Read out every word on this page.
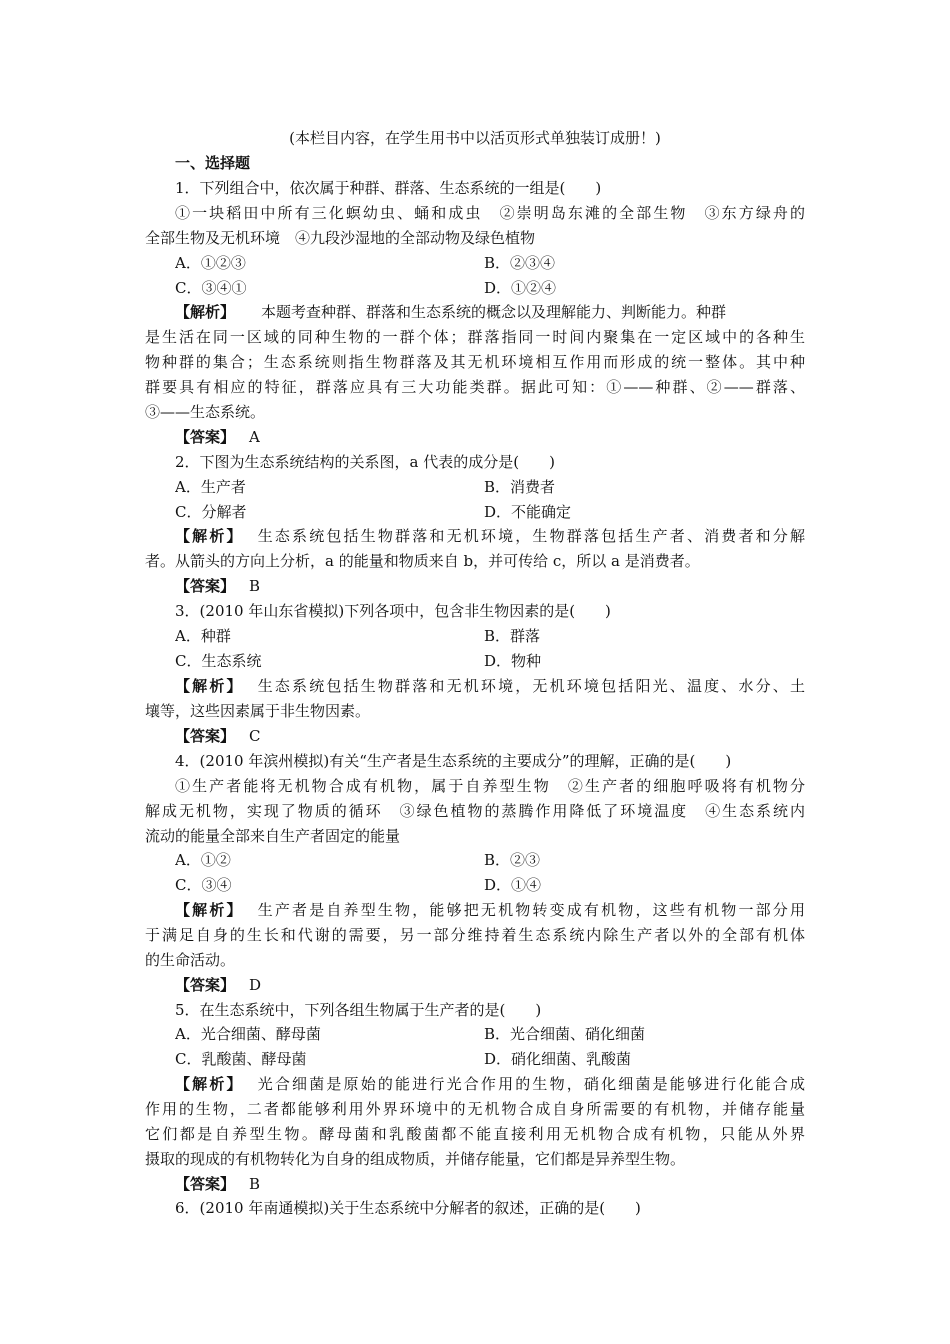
(本栏目内容，在学生用书中以活页形式单独装订成册！)
一、选择题
1．下列组合中，依次属于种群、群落、生态系统的一组是(　　)
①一块稻田中所有三化螟幼虫、蛹和成虫　②崇明岛东滩的全部生物　③东方绿舟的
全部生物及无机环境　④九段沙湿地的全部动物及绿色植物
A．①②③	B．②③④
C．③④①	D．①②④
【解析】 本题考查种群、群落和生态系统的概念以及理解能力、判断能力。种群
是生活在同一区域的同种生物的一群个体；群落指同一时间内聚集在一定区域中的各种生
物种群的集合；生态系统则指生物群落及其无机环境相互作用而形成的统一整体。其中种
群要具有相应的特征，群落应具有三大功能类群。据此可知：①——种群、②——群落、
③——生态系统。
【答案】 A
2．下图为生态系统结构的关系图，a 代表的成分是(　　)
A．生产者	B．消费者
C．分解者	D．不能确定
【解析】 生态系统包括生物群落和无机环境，生物群落包括生产者、消费者和分解
者。从箭头的方向上分析，a 的能量和物质来自 b，并可传给 c，所以 a 是消费者。
【答案】 B
3．(2010 年山东省模拟)下列各项中，包含非生物因素的是(　　)
A．种群	B．群落
C．生态系统	D．物种
【解析】 生态系统包括生物群落和无机环境，无机环境包括阳光、温度、水分、土
壤等，这些因素属于非生物因素。
【答案】 C
4．(2010 年滨州模拟)有关“生产者是生态系统的主要成分”的理解，正确的是(　　)
①生产者能将无机物合成有机物，属于自养型生物　②生产者的细胞呼吸将有机物分
解成无机物，实现了物质的循环　③绿色植物的蒸腾作用降低了环境温度　④生态系统内
流动的能量全部来自生产者固定的能量
A．①②	B．②③
C．③④	D．①④
【解析】 生产者是自养型生物，能够把无机物转变成有机物，这些有机物一部分用
于满足自身的生长和代谢的需要，另一部分维持着生态系统内除生产者以外的全部有机体
的生命活动。
【答案】 D
5．在生态系统中，下列各组生物属于生产者的是(　　)
A．光合细菌、酵母菌	B．光合细菌、硝化细菌
C．乳酸菌、酵母菌	D．硝化细菌、乳酸菌
【解析】 光合细菌是原始的能进行光合作用的生物，硝化细菌是能够进行化能合成
作用的生物，二者都能够利用外界环境中的无机物合成自身所需要的有机物，并储存能量
它们都是自养型生物。酵母菌和乳酸菌都不能直接利用无机物合成有机物，只能从外界
摄取的现成的有机物转化为自身的组成物质，并储存能量，它们都是异养型生物。
【答案】 B
6．(2010 年南通模拟)关于生态系统中分解者的叙述，正确的是(　　)
